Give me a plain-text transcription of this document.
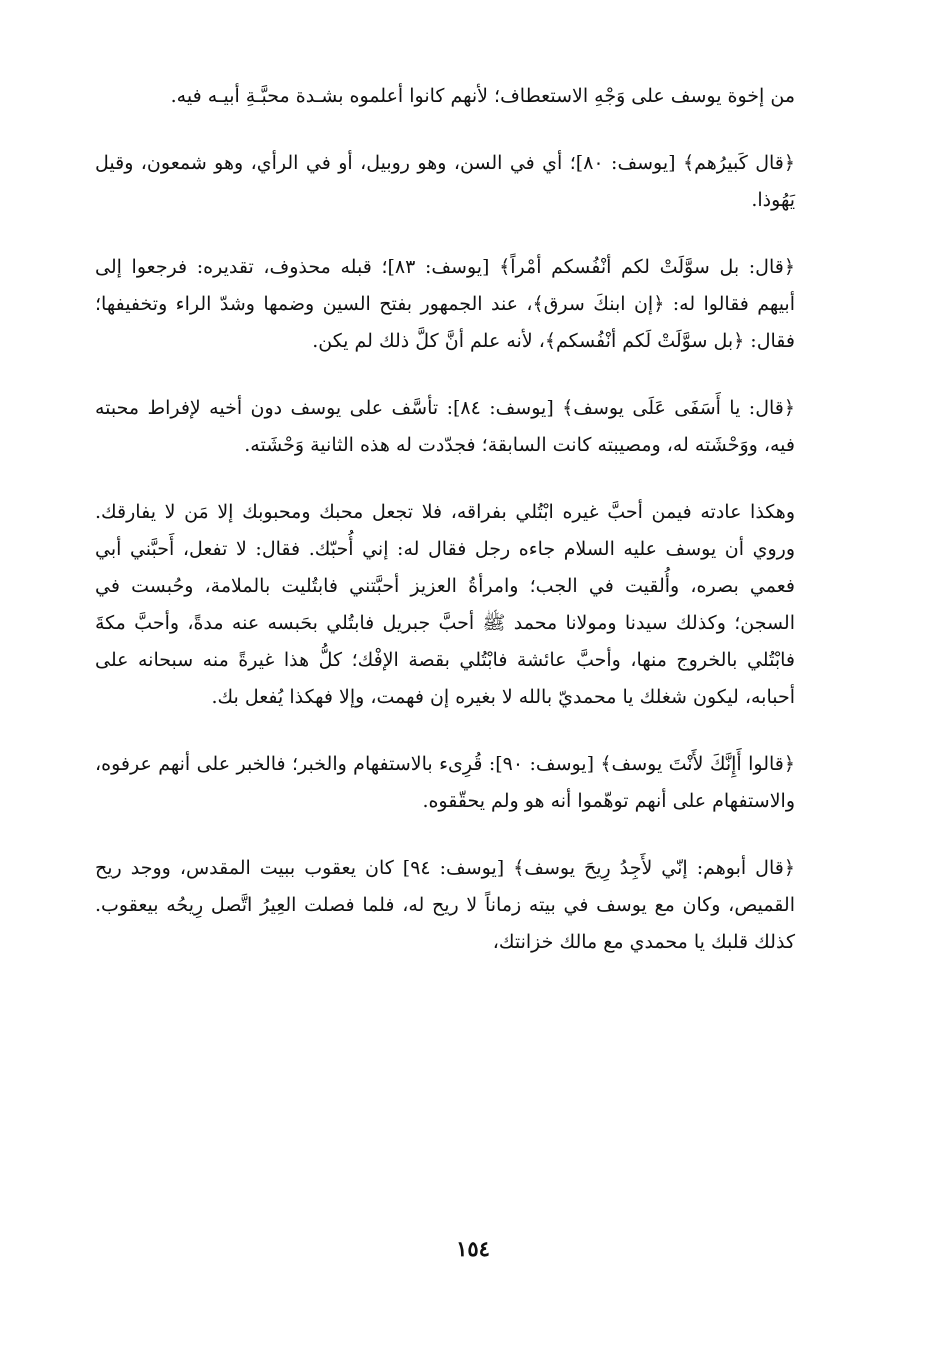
من إخوة يوسف على وَجْهِ الاستعطاف؛ لأنهم كانوا أعلموه بشـدة محبَّـةِ أبيـه فيه.

﴿قال كَبيرُهم﴾ [يوسف: ٨٠]؛ أي في السن، وهو روبيل، أو في الرأي، وهو شمعون، وقيل يَهُوذا.

﴿قال: بل سوَّلَتْ لكم أنْفُسكم أمْراً﴾ [يوسف: ٨٣]؛ قبله محذوف، تقديره: فرجعوا إلى أبيهم فقالوا له: ﴿إن ابنكَ سرق﴾، عند الجمهور بفتح السين وضمها وشدّ الراء وتخفيفها؛ فقال: ﴿بل سوَّلَتْ لَكم أنْفُسكم﴾، لأنه علم أنَّ كلَّ ذلك لم يكن.

﴿قال: يا أَسَفَى عَلَى يوسف﴾ [يوسف: ٨٤]: تأسَّف على يوسف دون أخيه لإفراط محبته فيه، ووَحْشَته له، ومصيبته كانت السابقة؛ فجدّدت له هذه الثانية وَحْشَته.

وهكذا عادته فيمن أحبَّ غيره ابْتُلي بفراقه، فلا تجعل محبك ومحبوبك إلا مَن لا يفارقك. وروي أن يوسف عليه السلام جاءه رجل فقال له: إني أُحبّك. فقال: لا تفعل، أَحبَّني أبي فعمي بصره، وأُلقيت في الجب؛ وامرأةُ العزيز أحبَّتني فابتُليت بالملامة، وحُبست في السجن؛ وكذلك سيدنا ومولانا محمد ﷺ أحبَّ جبريل فابتُلي بحَبسه عنه مدةً، وأحبَّ مكةَ فابْتُلي بالخروج منها، وأحبَّ عائشة فابْتُلي بقصة الإفْك؛ كلُّ هذا غيرةً منه سبحانه على أحبابه، ليكون شغلك يا محمديّ بالله لا بغيره إن فهمت، وإلا فهكذا يُفعل بك.

﴿قالوا أَإِنَّكَ لأَنْتَ يوسف﴾ [يوسف: ٩٠]: قُرِىء بالاستفهام والخبر؛ فالخبر على أنهم عرفوه، والاستفهام على أنهم توهّموا أنه هو ولم يحقّقوه.

﴿قال أبوهم: إنّي لأَجِدُ رِيحَ يوسف﴾ [يوسف: ٩٤] كان يعقوب ببيت المقدس، ووجد ريح القميص، وكان مع يوسف في بيته زماناً لا ريح له، فلما فصلت العِيرُ اتَّصل رِيحُه بيعقوب. كذلك قلبك يا محمدي مع مالك خزانتك،

١٥٤
